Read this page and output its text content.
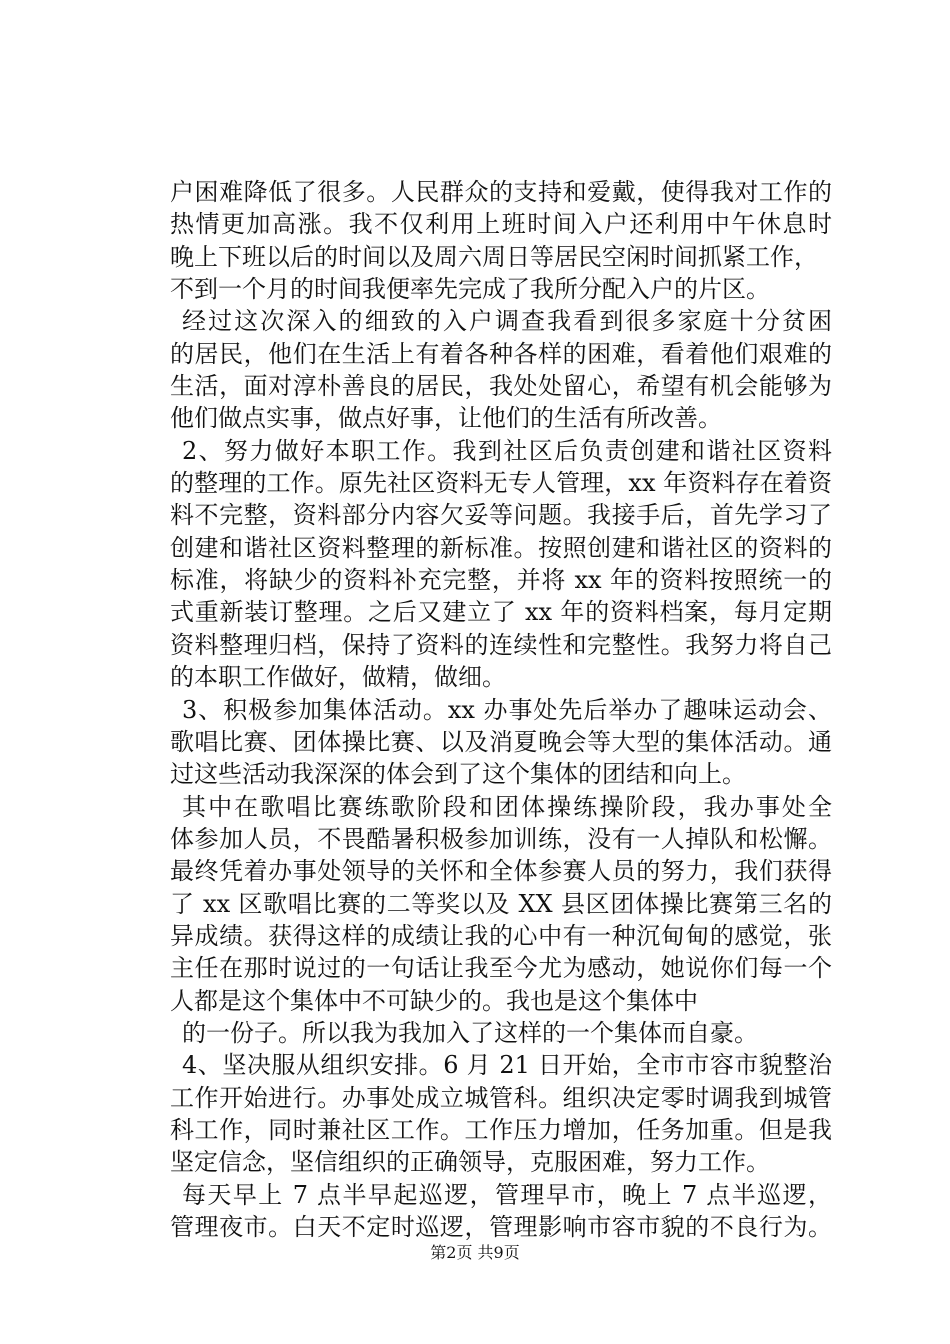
户困难降低了很多。人民群众的支持和爱戴，使得我对工作的
热情更加高涨。我不仅利用上班时间入户还利用中午休息时
晚上下班以后的时间以及周六周日等居民空闲时间抓紧工作，
不到一个月的时间我便率先完成了我所分配入户的片区。
经过这次深入的细致的入户调查我看到很多家庭十分贫困
的居民，他们在生活上有着各种各样的困难，看着他们艰难的
生活，面对淳朴善良的居民，我处处留心，希望有机会能够为
他们做点实事，做点好事，让他们的生活有所改善。
2、努力做好本职工作。我到社区后负责创建和谐社区资料
的整理的工作。原先社区资料无专人管理，xx 年资料存在着资
料不完整，资料部分内容欠妥等问题。我接手后，首先学习了
创建和谐社区资料整理的新标准。按照创建和谐社区的资料的
标准，将缺少的资料补充完整，并将 xx 年的资料按照统一的
式重新装订整理。之后又建立了 xx 年的资料档案，每月定期
资料整理归档，保持了资料的连续性和完整性。我努力将自己
的本职工作做好，做精，做细。
3、积极参加集体活动。xx 办事处先后举办了趣味运动会、
歌唱比赛、团体操比赛、以及消夏晚会等大型的集体活动。通
过这些活动我深深的体会到了这个集体的团结和向上。
其中在歌唱比赛练歌阶段和团体操练操阶段，我办事处全
体参加人员，不畏酷暑积极参加训练，没有一人掉队和松懈。
最终凭着办事处领导的关怀和全体参赛人员的努力，我们获得
了 xx 区歌唱比赛的二等奖以及 XX 县区团体操比赛第三名的
异成绩。获得这样的成绩让我的心中有一种沉甸甸的感觉，张
主任在那时说过的一句话让我至今尤为感动，她说你们每一个
人都是这个集体中不可缺少的。我也是这个集体中
的一份子。所以我为我加入了这样的一个集体而自豪。
4、坚决服从组织安排。6 月 21 日开始，全市市容市貌整治
工作开始进行。办事处成立城管科。组织决定零时调我到城管
科工作，同时兼社区工作。工作压力增加，任务加重。但是我
坚定信念，坚信组织的正确领导，克服困难，努力工作。
每天早上 7 点半早起巡逻，管理早市，晚上 7 点半巡逻，
管理夜市。白天不定时巡逻，管理影响市容市貌的不良行为。
第2页 共9页
